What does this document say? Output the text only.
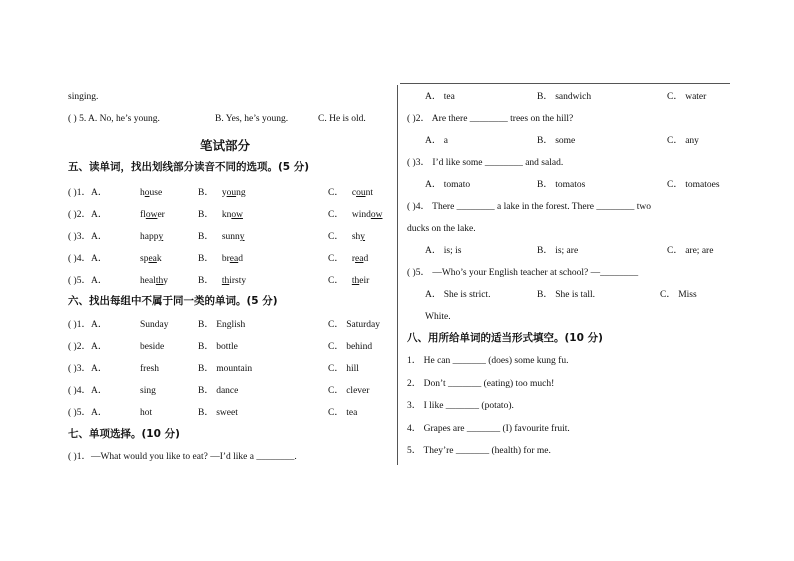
singing.
( ) 5. A. No, he’s young.	B. Yes, he’s young.	C. He is old.
笔试部分
五、读单词，找出划线部分读音不同的选项。(5 分)
( )1．A．	house	B． young	C． count
( )2．A．	flower	B． know	C． window
( )3．A．	happy	B． sunny	C． shy
( )4．A．	speak	B． bread	C． read
( )5．A．	healthy	B． thirsty	C． their
六、找出每组中不属于同一类的单词。(5 分)
( )1．A．	Sunday	B． English	C． Saturday
( )2．A．	beside	B． bottle	C． behind
( )3．A．	fresh	B． mountain	C． hill
( )4．A．	sing	B． dance	C． clever
( )5．A．	hot	B． sweet	C． tea
七、单项选择。(10 分)
( )1．—What would you like to eat? —I’d like a ________.
A． tea	B． sandwich	C． water
( )2． Are there ________ trees on the hill?
A． a	B． some	C． any
( )3． I’d like some ________ and salad.
A． tomato	B． tomatos	C． tomatoes
( )4． There ________ a lake in the forest. There ________ two
ducks on the lake.
A． is; is	B． is; are	C． are; are
( )5． —Who’s your English teacher at school? —________
A． She is strict.	B． She is tall.	C． Miss
White.
八、用所给单词的适当形式填空。(10 分)
1． He can _______ (does) some kung fu.
2． Don’t _______ (eating) too much!
3． I like _______ (potato).
4． Grapes are _______ (I) favourite fruit.
5． They’re _______ (health) for me.
